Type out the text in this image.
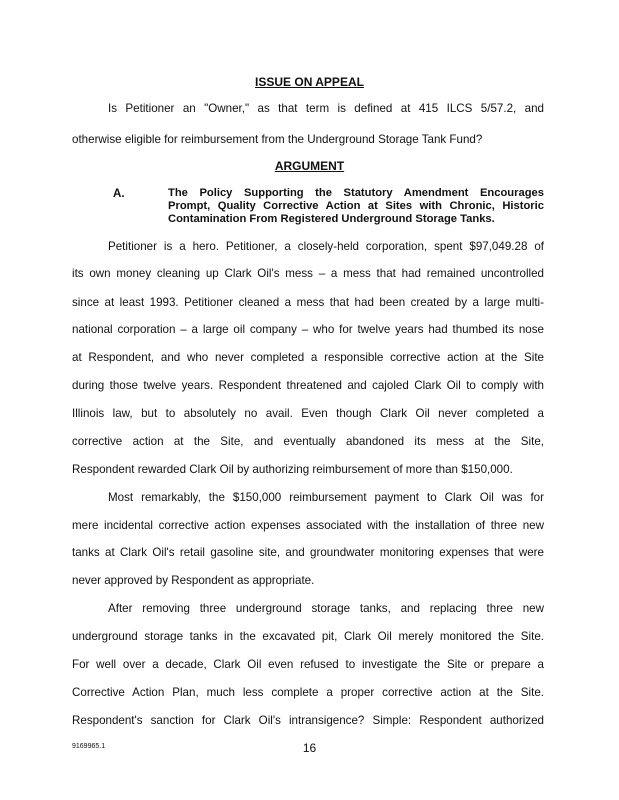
ISSUE ON APPEAL
Is Petitioner an "Owner," as that term is defined at 415 ILCS 5/57.2, and
otherwise eligible for reimbursement from the Underground Storage Tank Fund?
ARGUMENT
A.	The Policy Supporting the Statutory Amendment Encourages
Prompt, Quality Corrective Action at Sites with Chronic, Historic
Contamination From Registered Underground Storage Tanks.
Petitioner is a hero. Petitioner, a closely-held corporation, spent $97,049.28 of
its own money cleaning up Clark Oil's mess – a mess that had remained uncontrolled
since at least 1993. Petitioner cleaned a mess that had been created by a large multi-
national corporation – a large oil company – who for twelve years had thumbed its nose
at Respondent, and who never completed a responsible corrective action at the Site
during those twelve years. Respondent threatened and cajoled Clark Oil to comply with
Illinois law, but to absolutely no avail. Even though Clark Oil never completed a
corrective action at the Site, and eventually abandoned its mess at the Site,
Respondent rewarded Clark Oil by authorizing reimbursement of more than $150,000.
Most remarkably, the $150,000 reimbursement payment to Clark Oil was for
mere incidental corrective action expenses associated with the installation of three new
tanks at Clark Oil's retail gasoline site, and groundwater monitoring expenses that were
never approved by Respondent as appropriate.
After removing three underground storage tanks, and replacing three new
underground storage tanks in the excavated pit, Clark Oil merely monitored the Site.
For well over a decade, Clark Oil even refused to investigate the Site or prepare a
Corrective Action Plan, much less complete a proper corrective action at the Site.
Respondent's sanction for Clark Oil's intransigence? Simple: Respondent authorized
9169965.1	16
